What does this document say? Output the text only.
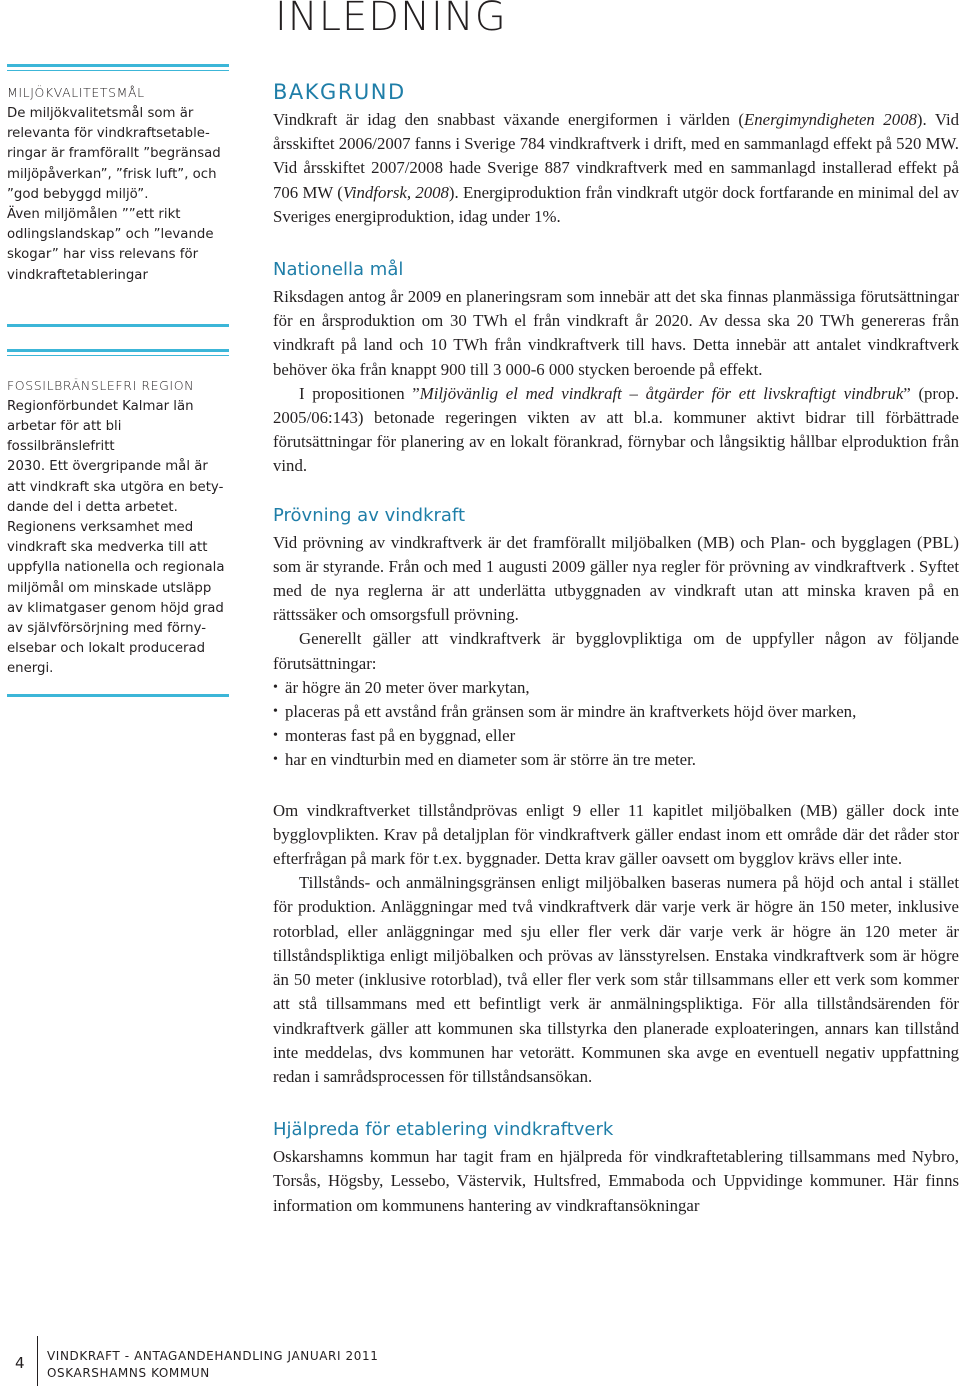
INLEDNING
MILJÖKVALITETSMÅL

De miljökvalitetsmål som är
relevanta för vindkraftsetable-
ringar är framförallt ”begränsad
miljöpåverkan”, ”frisk luft”, och
”god bebyggd miljö”.
Även miljömålen ””ett rikt
odlingslandskap” och ”levande
skogar” har viss relevans för
vindkraftetableringar

FOSSILBRÄNSLEFRI REGION

Regionförbundet Kalmar län
arbetar för att bli fossilbränslefritt
2030. Ett övergripande mål är
att vindkraft ska utgöra en bety-
dande del i detta arbetet.
Regionens verksamhet med
vindkraft ska medverka till att
uppfylla nationella och regionala
miljömål om minskade utsläpp
av klimatgaser genom höjd grad
av självförsörjning med förny-
elsebar och lokalt producerad
energi.

BAKGRUND

Vindkraft är idag den snabbast växande energiformen i världen (Energimyndigheten 2008). Vid årsskiftet 2006/2007 fanns i Sverige 784 vindkraftverk i drift, med en sammanlagd effekt på 520 MW. Vid årsskiftet 2007/2008 hade Sverige 887 vindkraftverk med en sammanlagd installerad effekt på 706 MW (Vindforsk, 2008). Energiproduktion från vindkraft utgör dock fortfarande en minimal del av Sveriges energiproduktion, idag under 1%.

Nationella mål

Riksdagen antog år 2009 en planeringsram som innebär att det ska finnas planmässiga förutsättningar för en årsproduktion om 30 TWh el från vindkraft år 2020. Av dessa ska 20 TWh genereras från vindkraft på land och 10 TWh från vindkraftverk till havs. Detta innebär att antalet vindkraftverk behöver öka från knappt 900 till 3 000-6 000 stycken beroende på effekt.

I propositionen ”Miljövänlig el med vindkraft – åtgärder för ett livskraftigt vindbruk” (prop. 2005/06:143) betonade regeringen vikten av att bl.a. kommuner aktivt bidrar till förbättrade förutsättningar för planering av en lokalt förankrad, förnybar och långsiktig hållbar elproduktion från vind.

Prövning av vindkraft

Vid prövning av vindkraftverk är det framförallt miljöbalken (MB) och Plan- och bygglagen (PBL) som är styrande. Från och med 1 augusti 2009 gäller nya regler för prövning av vindkraftverk . Syftet med de nya reglerna är att underlätta utbyggnaden av vindkraft utan att minska kraven på en rättssäker och omsorgsfull prövning.

Generellt gäller att vindkraftverk är bygglovpliktiga om de uppfyller någon av följande förutsättningar:

• är högre än 20 meter över markytan,
• placeras på ett avstånd från gränsen som är mindre än kraftverkets höjd över marken,
• monteras fast på en byggnad, eller
• har en vindturbin med en diameter som är större än tre meter.

Om vindkraftverket tillståndprövas enligt 9 eller 11 kapitlet miljöbalken (MB) gäller dock inte bygglovplikten. Krav på detaljplan för vindkraftverk gäller endast inom ett område där det råder stor efterfrågan på mark för t.ex. byggnader. Detta krav gäller oavsett om bygglov krävs eller inte.

Tillstånds- och anmälningsgränsen enligt miljöbalken baseras numera på höjd och antal i stället för produktion. Anläggningar med två vindkraftverk där varje verk är högre än 150 meter, inklusive rotorblad, eller anläggningar med sju eller fler verk där varje verk är högre än 120 meter är tillståndspliktiga enligt miljöbalken och prövas av länsstyrelsen. Enstaka vindkraftverk som är högre än 50 meter (inklusive rotorblad), två eller fler verk som står tillsammans eller ett verk som kommer att stå tillsammans med ett befintligt verk är anmälningspliktiga. För alla tillståndsärenden för vindkraftverk gäller att kommunen ska tillstyrka den planerade exploateringen, annars kan tillstånd inte meddelas, dvs kommunen har vetorätt. Kommunen ska avge en eventuell negativ uppfattning redan i samrådsprocessen för tillståndsansökan.

Hjälpreda för etablering vindkraftverk

Oskarshamns kommun har tagit fram en hjälpreda för vindkraftetablering tillsammans med Nybro, Torsås, Högsby, Lessebo, Västervik, Hultsfred, Emmaboda och Uppvidinge kommuner. Här finns information om kommunens hantering av vindkraftansökningar

4 VINDKRAFT - ANTAGANDEHANDLING JANUARI 2011
OSKARSHAMNS KOMMUN
